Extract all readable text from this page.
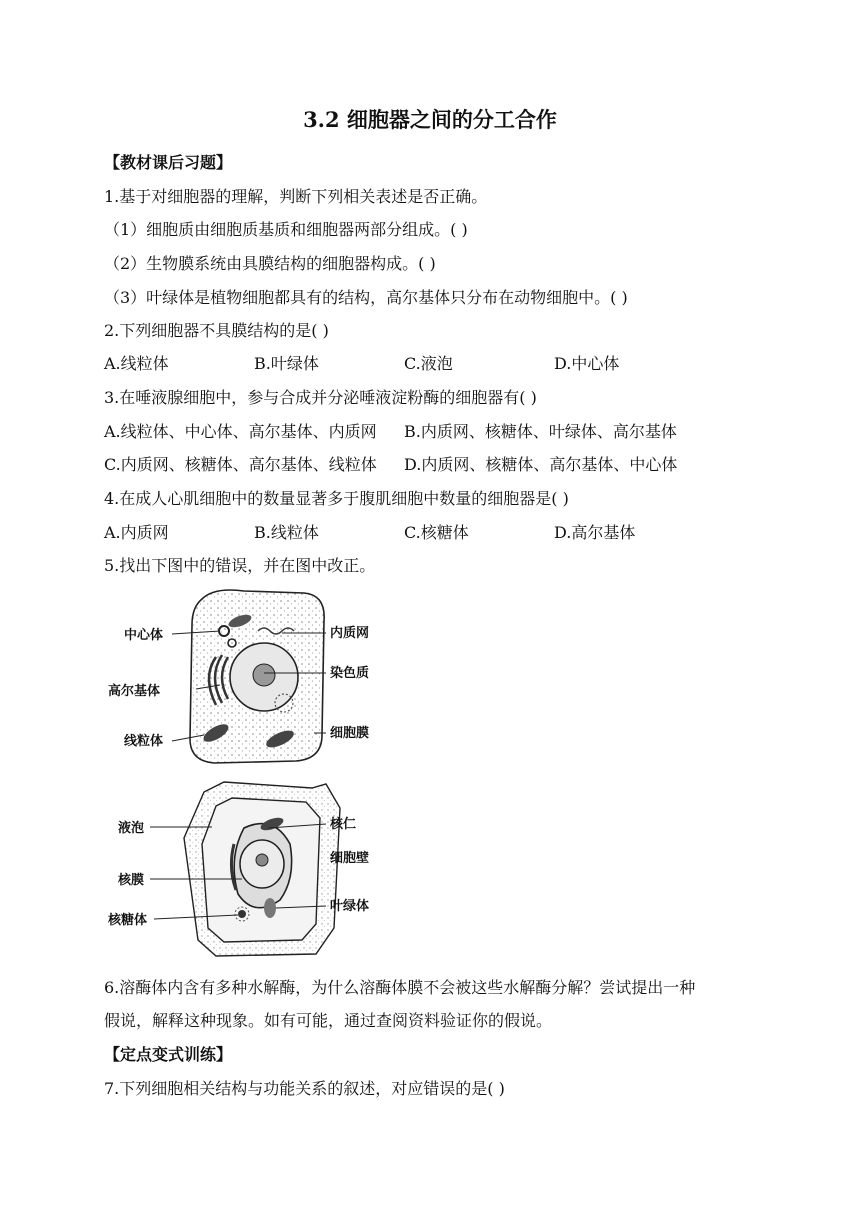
3.2 细胞器之间的分工合作
【教材课后习题】
1.基于对细胞器的理解，判断下列相关表述是否正确。
（1）细胞质由细胞质基质和细胞器两部分组成。( )
（2）生物膜系统由具膜结构的细胞器构成。( )
（3）叶绿体是植物细胞都具有的结构，高尔基体只分布在动物细胞中。( )
2.下列细胞器不具膜结构的是( )
A.线粒体	B.叶绿体	C.液泡	D.中心体
3.在唾液腺细胞中，参与合成并分泌唾液淀粉酶的细胞器有( )
A.线粒体、中心体、高尔基体、内质网 B.内质网、核糖体、叶绿体、高尔基体
C.内质网、核糖体、高尔基体、线粒体 D.内质网、核糖体、高尔基体、中心体
4.在成人心肌细胞中的数量显著多于腹肌细胞中数量的细胞器是( )
A.内质网	B.线粒体	C.核糖体	D.高尔基体
5.找出下图中的错误，并在图中改正。
中心体
高尔基体
线粒体
内质网
染色质
细胞膜
液泡
核膜
核糖体
核仁
细胞壁
叶绿体
6.溶酶体内含有多种水解酶，为什么溶酶体膜不会被这些水解酶分解？尝试提出一种
假说，解释这种现象。如有可能，通过查阅资料验证你的假说。
【定点变式训练】
7.下列细胞相关结构与功能关系的叙述，对应错误的是( )
